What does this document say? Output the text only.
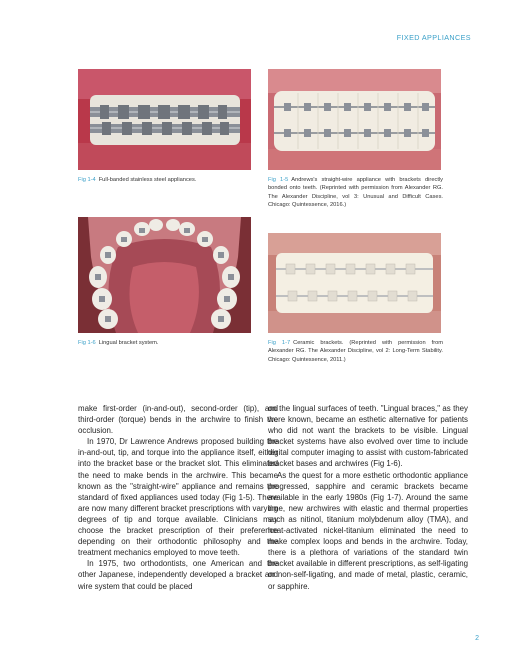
FIXED APPLIANCES
Fig 1-4 Full-banded stainless steel appliances.	Fig 1-5 Andrews's straight-wire appliance with brackets directly bonded onto teeth. (Reprinted with permission from Alexander RG. The Alexander Discipline, vol 3: Unusual and Difficult Cases. Chicago: Quintessence, 2016.)
Fig 1-6 Lingual bracket system.	Fig 1-7 Ceramic brackets. (Reprinted with permission from Alexander RG. The Alexander Discipline, vol 2: Long-Term Stability. Chicago: Quintessence, 2011.)

make first-order (in-and-out), second-order (tip), and third-order (torque) bends in the archwire to finish the occlusion.

In 1970, Dr Lawrence Andrews proposed building the in-and-out, tip, and torque into the appliance itself, either into the bracket base or the bracket slot. This eliminated the need to make bends in the archwire. This became known as the "straight-wire" appliance and remains the standard of fixed appliances used today (Fig 1-5). There are now many different bracket prescriptions with varying degrees of tip and torque available. Clinicians may choose the bracket prescription of their preference depending on their orthodontic philosophy and the treatment mechanics employed to move teeth.

In 1975, two orthodontists, one American and the other Japanese, independently developed a bracket and wire system that could be placed

on the lingual surfaces of teeth. "Lingual braces," as they were known, became an esthetic alternative for patients who did not want the brackets to be visible. Lingual bracket systems have also evolved over time to include digital computer imaging to assist with custom-fabricated bracket bases and archwires (Fig 1-6).

As the quest for a more esthetic orthodontic appliance progressed, sapphire and ceramic brackets became available in the early 1980s (Fig 1-7). Around the same time, new archwires with elastic and thermal properties such as nitinol, titanium molybdenum alloy (TMA), and heat-activated nickel-titanium eliminated the need to make complex loops and bends in the archwire. Today, there is a plethora of variations of the standard twin bracket available in different prescriptions, as self-ligating or non-self-ligating, and made of metal, plastic, ceramic, or sapphire.

2
